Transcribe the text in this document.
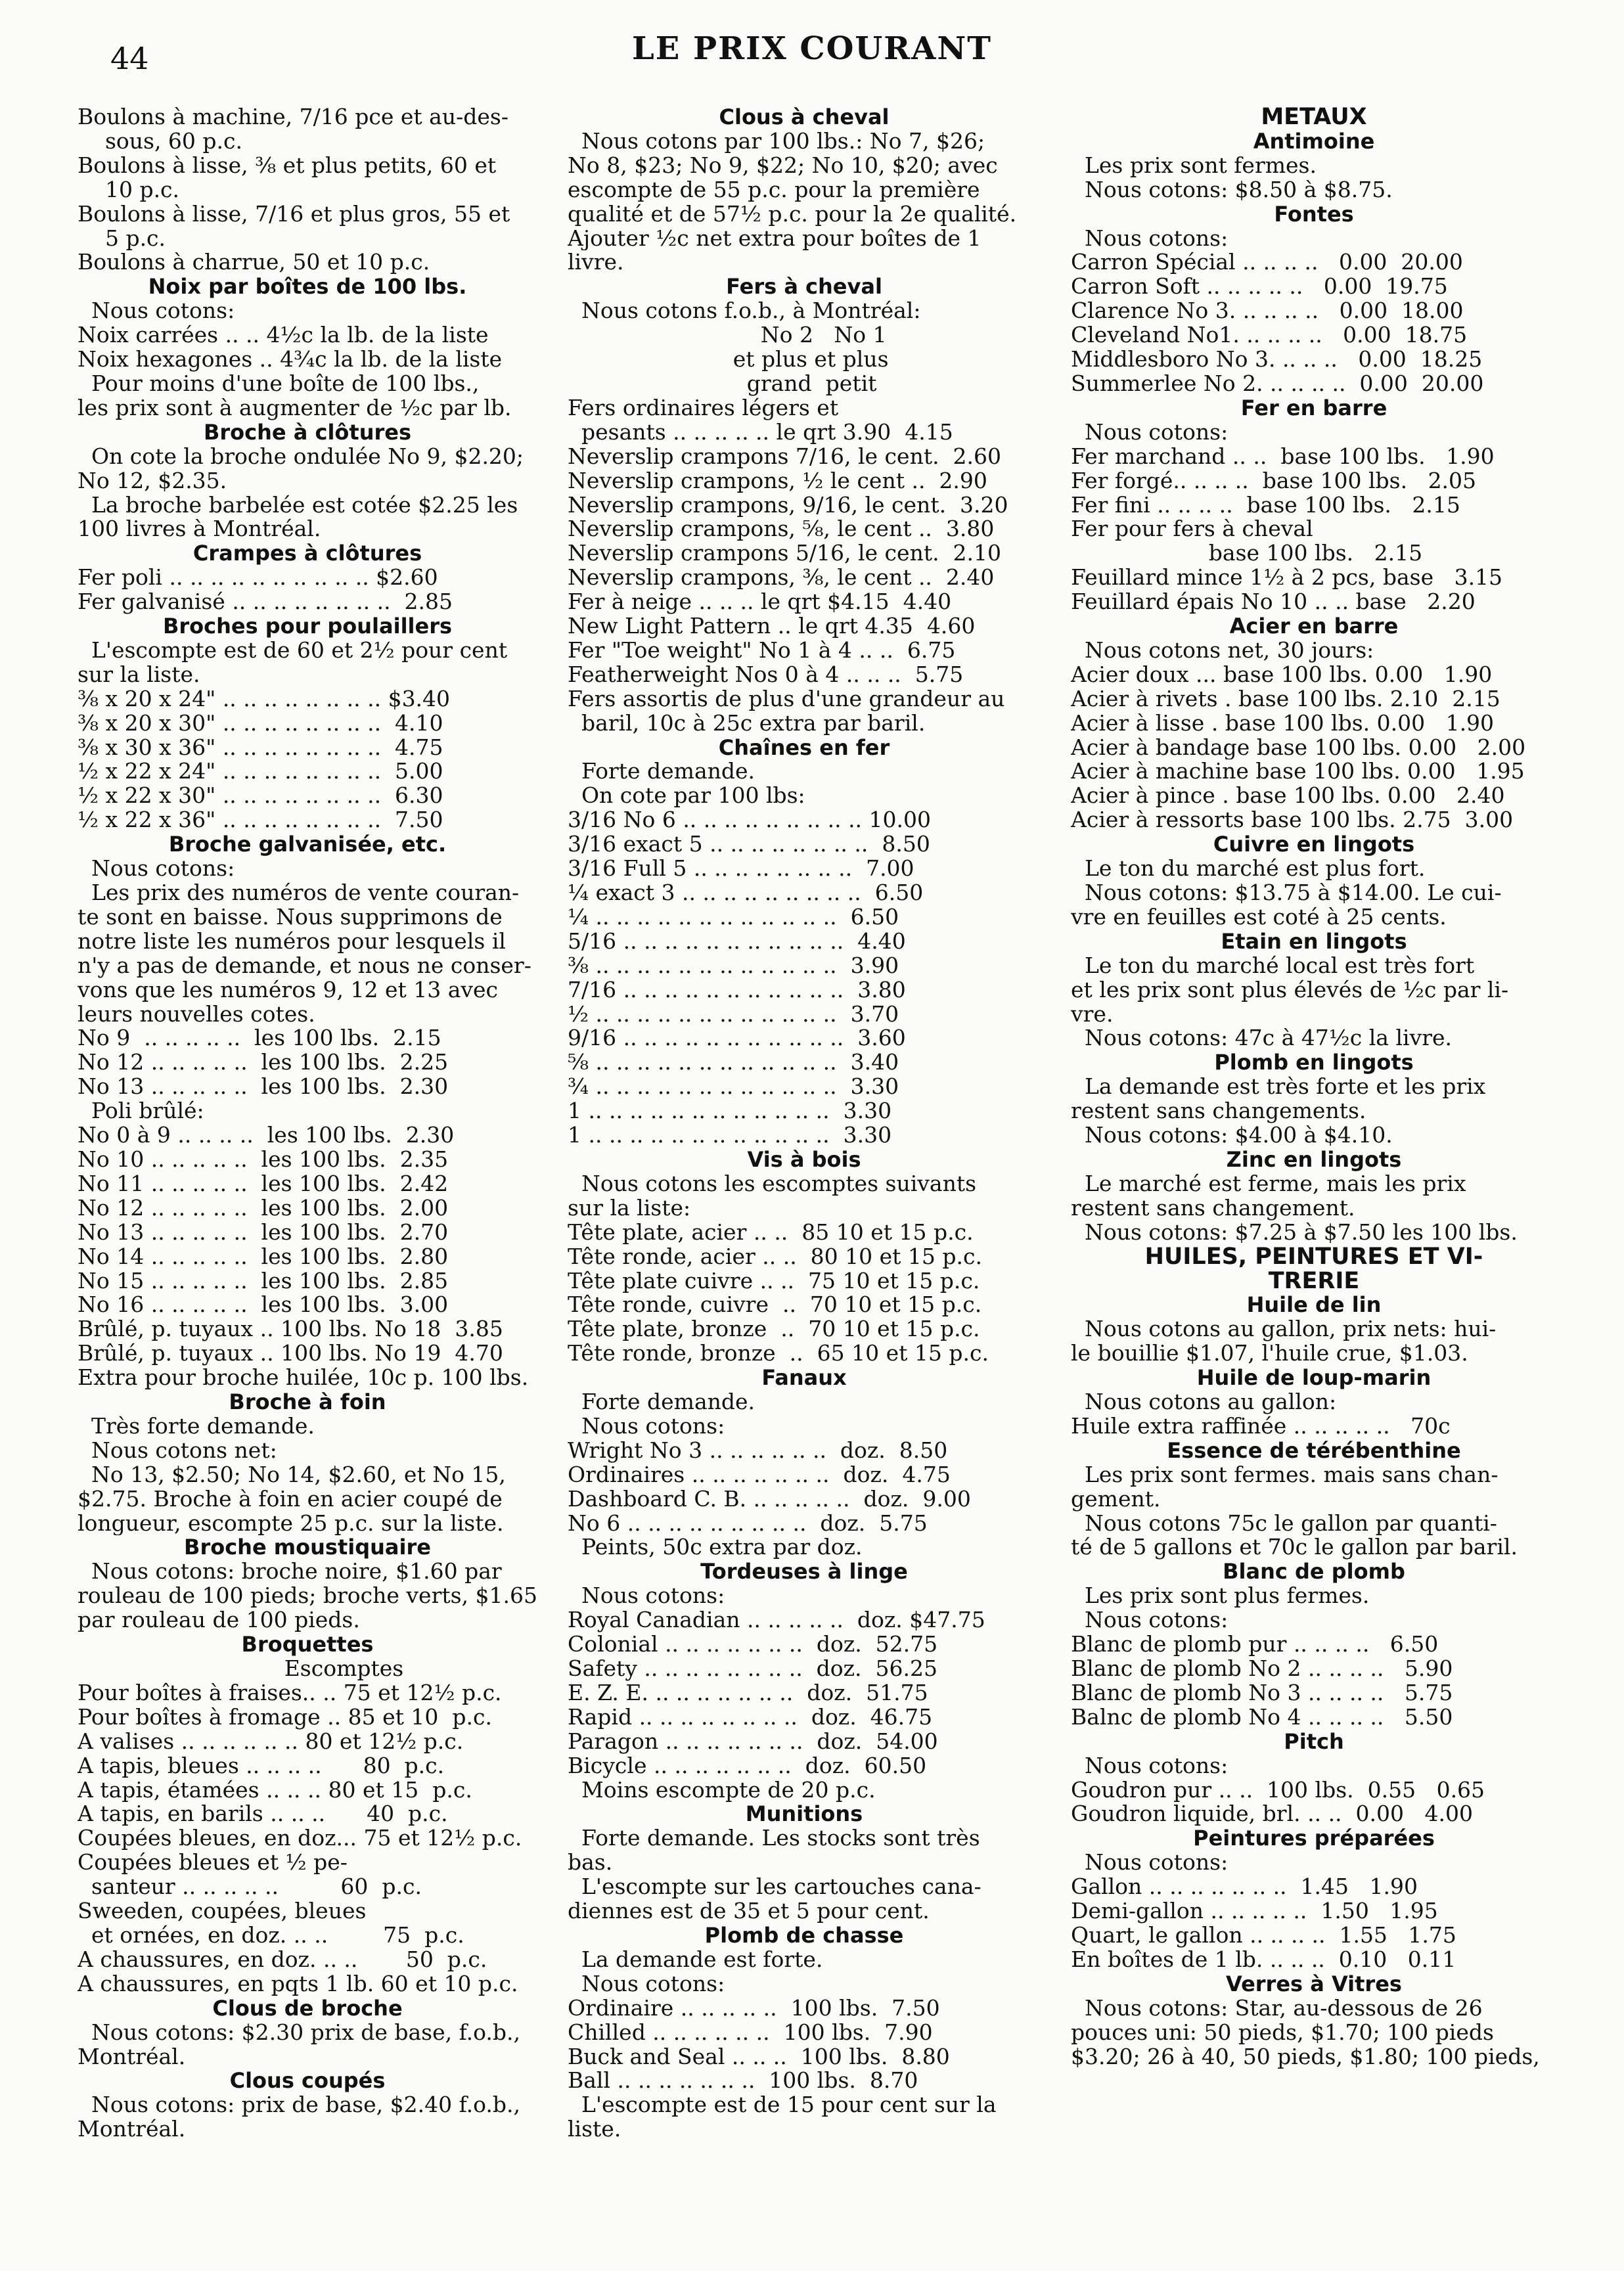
44	LE PRIX COURANT
Boulons à machine, 7/16 pce et au-des-
sous, 60 p.c.
Boulons à lisse, ⅜ et plus petits, 60 et
10 p.c.
Boulons à lisse, 7/16 et plus gros, 55 et
5 p.c.
Boulons à charrue, 50 et 10 p.c.
Noix par boîtes de 100 lbs.
Nous cotons:
Noix carrées .. .. 4½c la lb. de la liste
Noix hexagones .. 4¾c la lb. de la liste
Pour moins d'une boîte de 100 lbs.,
les prix sont à augmenter de ½c par lb.
Broche à clôtures
On cote la broche ondulée No 9, $2.20;
No 12, $2.35.
La broche barbelée est cotée $2.25 les
100 livres à Montréal.
Crampes à clôtures
Fer poli .. .. .. .. .. .. .. .. .. .. $2.60
Fer galvanisé .. .. .. .. .. .. .. ..  2.85
Broches pour poulaillers
L'escompte est de 60 et 2½ pour cent
sur la liste.
⅜ x 20 x 24" .. .. .. .. .. .. .. .. $3.40
⅜ x 20 x 30" .. .. .. .. .. .. .. ..  4.10
⅜ x 30 x 36" .. .. .. .. .. .. .. ..  4.75
½ x 22 x 24" .. .. .. .. .. .. .. ..  5.00
½ x 22 x 30" .. .. .. .. .. .. .. ..  6.30
½ x 22 x 36" .. .. .. .. .. .. .. ..  7.50
Broche galvanisée, etc.
Nous cotons:
Les prix des numéros de vente couran-
te sont en baisse. Nous supprimons de
notre liste les numéros pour lesquels il
n'y a pas de demande, et nous ne conser-
vons que les numéros 9, 12 et 13 avec
leurs nouvelles cotes.
No 9  .. .. .. .. ..  les 100 lbs.  2.15
No 12 .. .. .. .. ..  les 100 lbs.  2.25
No 13 .. .. .. .. ..  les 100 lbs.  2.30
Poli brûlé:
No 0 à 9 .. .. .. ..  les 100 lbs.  2.30
No 10 .. .. .. .. ..  les 100 lbs.  2.35
No 11 .. .. .. .. ..  les 100 lbs.  2.42
No 12 .. .. .. .. ..  les 100 lbs.  2.00
No 13 .. .. .. .. ..  les 100 lbs.  2.70
No 14 .. .. .. .. ..  les 100 lbs.  2.80
No 15 .. .. .. .. ..  les 100 lbs.  2.85
No 16 .. .. .. .. ..  les 100 lbs.  3.00
Brûlé, p. tuyaux .. 100 lbs. No 18  3.85
Brûlé, p. tuyaux .. 100 lbs. No 19  4.70
Extra pour broche huilée, 10c p. 100 lbs.
Broche à foin
Très forte demande.
Nous cotons net:
No 13, $2.50; No 14, $2.60, et No 15,
$2.75. Broche à foin en acier coupé de
longueur, escompte 25 p.c. sur la liste.
Broche moustiquaire
Nous cotons: broche noire, $1.60 par
rouleau de 100 pieds; broche verts, $1.65
par rouleau de 100 pieds.
Broquettes
Escomptes
Pour boîtes à fraises.. .. 75 et 12½ p.c.
Pour boîtes à fromage .. 85 et 10  p.c.
A valises .. .. .. .. .. .. 80 et 12½ p.c.
A tapis, bleues .. .. .. ..      80  p.c.
A tapis, étamées .. .. .. 80 et 15  p.c.
A tapis, en barils .. .. ..      40  p.c.
Coupées bleues, en doz... 75 et 12½ p.c.
Coupées bleues et ½ pe-
santeur .. .. .. .. ..         60  p.c.
Sweeden, coupées, bleues
et ornées, en doz. .. ..        75  p.c.
A chaussures, en doz. .. ..       50  p.c.
A chaussures, en pqts 1 lb. 60 et 10 p.c.
Clous de broche
Nous cotons: $2.30 prix de base, f.o.b.,
Montréal.
Clous coupés
Nous cotons: prix de base, $2.40 f.o.b.,
Montréal.
Clous à cheval
Nous cotons par 100 lbs.: No 7, $26;
No 8, $23; No 9, $22; No 10, $20; avec
escompte de 55 p.c. pour la première
qualité et de 57½ p.c. pour la 2e qualité.
Ajouter ½c net extra pour boîtes de 1
livre.
Fers à cheval
Nous cotons f.o.b., à Montréal:
No 2   No 1
et plus et plus
grand  petit
Fers ordinaires légers et
pesants .. .. .. .. .. le qrt 3.90  4.15
Neverslip crampons 7/16, le cent.  2.60
Neverslip crampons, ½ le cent ..  2.90
Neverslip crampons, 9/16, le cent.  3.20
Neverslip crampons, ⅝, le cent ..  3.80
Neverslip crampons 5/16, le cent.  2.10
Neverslip crampons, ⅜, le cent ..  2.40
Fer à neige .. .. .. le qrt $4.15  4.40
New Light Pattern .. le qrt 4.35  4.60
Fer "Toe weight" No 1 à 4 .. ..  6.75
Featherweight Nos 0 à 4 .. .. ..  5.75
Fers assortis de plus d'une grandeur au
baril, 10c à 25c extra par baril.
Chaînes en fer
Forte demande.
On cote par 100 lbs:
3/16 No 6 .. .. .. .. .. .. .. .. .. 10.00
3/16 exact 5 .. .. .. .. .. .. .. ..  8.50
3/16 Full 5 .. .. .. .. .. .. .. ..  7.00
¼ exact 3 .. .. .. .. .. .. .. .. ..  6.50
¼ .. .. .. .. .. .. .. .. .. .. .. ..  6.50
5/16 .. .. .. .. .. .. .. .. .. .. ..  4.40
⅜ .. .. .. .. .. .. .. .. .. .. .. ..  3.90
7/16 .. .. .. .. .. .. .. .. .. .. ..  3.80
½ .. .. .. .. .. .. .. .. .. .. .. ..  3.70
9/16 .. .. .. .. .. .. .. .. .. .. ..  3.60
⅝ .. .. .. .. .. .. .. .. .. .. .. ..  3.40
¾ .. .. .. .. .. .. .. .. .. .. .. ..  3.30
1 .. .. .. .. .. .. .. .. .. .. .. ..  3.30
1 .. .. .. .. .. .. .. .. .. .. .. ..  3.30
Vis à bois
Nous cotons les escomptes suivants
sur la liste:
Tête plate, acier .. ..  85 10 et 15 p.c.
Tête ronde, acier .. ..  80 10 et 15 p.c.
Tête plate cuivre .. ..  75 10 et 15 p.c.
Tête ronde, cuivre  ..  70 10 et 15 p.c.
Tête plate, bronze  ..  70 10 et 15 p.c.
Tête ronde, bronze  ..  65 10 et 15 p.c.
Fanaux
Forte demande.
Nous cotons:
Wright No 3 .. .. .. .. .. ..  doz.  8.50
Ordinaires .. .. .. .. .. .. ..  doz.  4.75
Dashboard C. B. .. .. .. .. ..  doz.  9.00
No 6 .. .. .. .. .. .. .. .. ..  doz.  5.75
Peints, 50c extra par doz.
Tordeuses à linge
Nous cotons:
Royal Canadian .. .. .. .. ..  doz. $47.75
Colonial .. .. .. .. .. .. ..  doz.  52.75
Safety .. .. .. .. .. .. .. ..  doz.  56.25
E. Z. E. .. .. .. .. .. .. ..  doz.  51.75
Rapid .. .. .. .. .. .. .. ..  doz.  46.75
Paragon .. .. .. .. .. .. ..  doz.  54.00
Bicycle .. .. .. .. .. .. ..  doz.  60.50
Moins escompte de 20 p.c.
Munitions
Forte demande. Les stocks sont très
bas.
L'escompte sur les cartouches cana-
diennes est de 35 et 5 pour cent.
Plomb de chasse
La demande est forte.
Nous cotons:
Ordinaire .. .. .. .. ..  100 lbs.  7.50
Chilled .. .. .. .. .. ..  100 lbs.  7.90
Buck and Seal .. .. ..  100 lbs.  8.80
Ball .. .. .. .. .. .. ..  100 lbs.  8.70
L'escompte est de 15 pour cent sur la
liste.
METAUX
Antimoine
Les prix sont fermes.
Nous cotons: $8.50 à $8.75.
Fontes
Nous cotons:
Carron Spécial .. .. .. ..   0.00  20.00
Carron Soft .. .. .. .. ..   0.00  19.75
Clarence No 3. .. .. .. ..   0.00  18.00
Cleveland No1. .. .. .. ..   0.00  18.75
Middlesboro No 3. .. .. ..   0.00  18.25
Summerlee No 2. .. .. .. ..  0.00  20.00
Fer en barre
Nous cotons:
Fer marchand .. ..  base 100 lbs.   1.90
Fer forgé.. .. .. ..  base 100 lbs.   2.05
Fer fini .. .. .. ..  base 100 lbs.   2.15
Fer pour fers à cheval
base 100 lbs.   2.15
Feuillard mince 1½ à 2 pcs, base   3.15
Feuillard épais No 10 .. .. base   2.20
Acier en barre
Nous cotons net, 30 jours:
Acier doux ... base 100 lbs. 0.00   1.90
Acier à rivets . base 100 lbs. 2.10  2.15
Acier à lisse . base 100 lbs. 0.00   1.90
Acier à bandage base 100 lbs. 0.00   2.00
Acier à machine base 100 lbs. 0.00   1.95
Acier à pince . base 100 lbs. 0.00   2.40
Acier à ressorts base 100 lbs. 2.75  3.00
Cuivre en lingots
Le ton du marché est plus fort.
Nous cotons: $13.75 à $14.00. Le cui-
vre en feuilles est coté à 25 cents.
Etain en lingots
Le ton du marché local est très fort
et les prix sont plus élevés de ½c par li-
vre.
Nous cotons: 47c à 47½c la livre.
Plomb en lingots
La demande est très forte et les prix
restent sans changements.
Nous cotons: $4.00 à $4.10.
Zinc en lingots
Le marché est ferme, mais les prix
restent sans changement.
Nous cotons: $7.25 à $7.50 les 100 lbs.
HUILES, PEINTURES ET VI-
TRERIE
Huile de lin
Nous cotons au gallon, prix nets: hui-
le bouillie $1.07, l'huile crue, $1.03.
Huile de loup-marin
Nous cotons au gallon:
Huile extra raffinée .. .. .. .. ..   70c
Essence de térébenthine
Les prix sont fermes. mais sans chan-
gement.
Nous cotons 75c le gallon par quanti-
té de 5 gallons et 70c le gallon par baril.
Blanc de plomb
Les prix sont plus fermes.
Nous cotons:
Blanc de plomb pur .. .. .. ..   6.50
Blanc de plomb No 2 .. .. .. ..   5.90
Blanc de plomb No 3 .. .. .. ..   5.75
Balnc de plomb No 4 .. .. .. ..   5.50
Pitch
Nous cotons:
Goudron pur .. ..  100 lbs.  0.55   0.65
Goudron liquide, brl. .. ..  0.00   4.00
Peintures préparées
Nous cotons:
Gallon .. .. .. .. .. .. ..  1.45   1.90
Demi-gallon .. .. .. .. ..  1.50   1.95
Quart, le gallon .. .. .. ..  1.55   1.75
En boîtes de 1 lb. .. .. ..  0.10   0.11
Verres à Vitres
Nous cotons: Star, au-dessous de 26
pouces uni: 50 pieds, $1.70; 100 pieds
$3.20; 26 à 40, 50 pieds, $1.80; 100 pieds,
